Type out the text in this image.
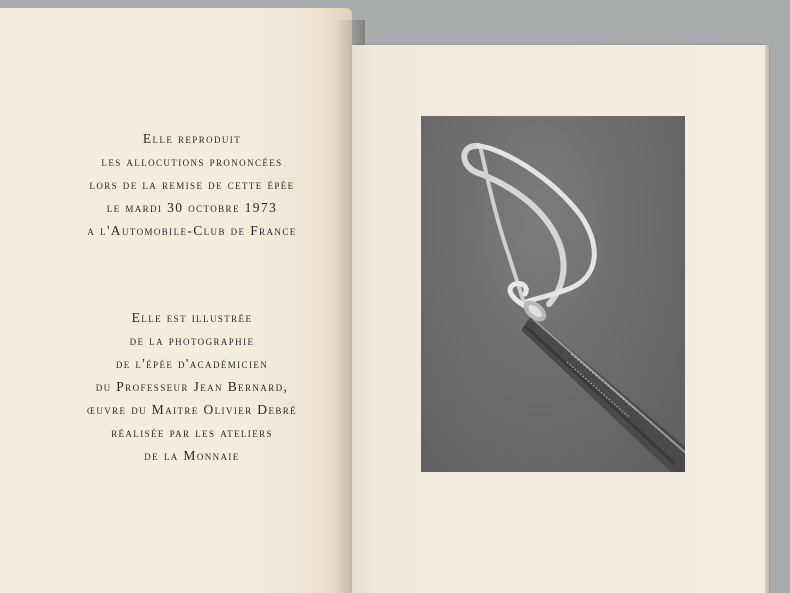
Elle reproduit
les allocutions prononcées
lors de la remise de cette épée
le mardi 30 octobre 1973
a l'Automobile-Club de France
Elle est illustrée
de la photographie
de l'épée d'académicien
du Professeur Jean Bernard,
œuvre du Maitre Olivier Debré
réalisée par les ateliers
de la Monnaie
